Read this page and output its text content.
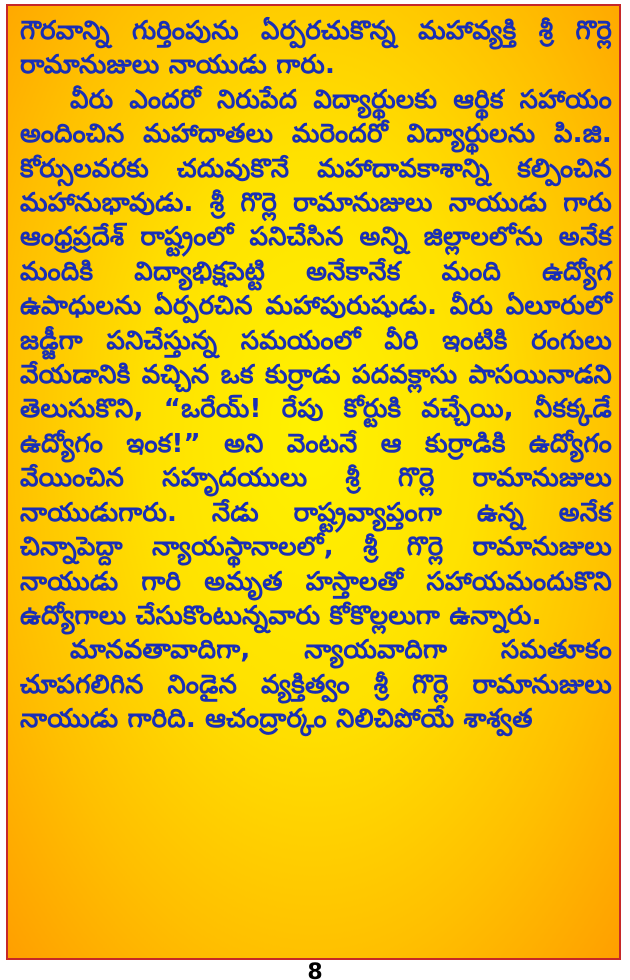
గౌరవాన్ని గుర్తింపును ఏర్పరచుకొన్న మహావ్యక్తి శ్రీ గొర్లె రామానుజులు నాయుడు గారు.

వీరు ఎందరో నిరుపేద విద్యార్థులకు ఆర్థిక సహాయం అందించిన మహాదాతలు మరెందరో విద్యార్థులను పి.జి. కోర్సులవరకు చదువుకొనే మహాదావకాశాన్ని కల్పించిన మహానుభావుడు. శ్రీ గొర్లె రామానుజులు నాయుడు గారు ఆంధ్రప్రదేశ్ రాష్ట్రంలో పనిచేసిన అన్ని జిల్లాలలోను అనేక మందికి విద్యాభిక్షపెట్టి అనేకానేక మంది ఉద్యోగ ఉపాధులను ఏర్పరచిన మహాపురుషుడు. వీరు ఏలూరులో జడ్జీగా పనిచేస్తున్న సమయంలో వీరి ఇంటికి రంగులు వేయడానికి వచ్చిన ఒక కుర్రాడు పదవక్లాసు పాసయినాడని తెలుసుకొని, “ఒరేయ్! రేపు కోర్టుకి వచ్చేయి, నీకక్కడే ఉద్యోగం ఇంక!” అని వెంటనే ఆ కుర్రాడికి ఉద్యోగం వేయించిన సహృదయులు శ్రీ గొర్లె రామానుజులు నాయుడుగారు. నేడు రాష్ట్రవ్యాప్తంగా ఉన్న అనేక చిన్నాపెద్దా న్యాయస్థానాలలో, శ్రీ గొర్లె రామానుజులు నాయుడు గారి అమృత హస్తాలతో సహాయమందుకొని ఉద్యోగాలు చేసుకొంటున్నవారు కోకొల్లలుగా ఉన్నారు.

మానవతావాదిగా, న్యాయవాదిగా సమతూకం చూపగలిగిన నిండైన వ్యక్తిత్వం శ్రీ గొర్లె రామానుజులు నాయుడు గారిది. ఆచంద్రార్కం నిలిచిపోయే శాశ్వత

8
